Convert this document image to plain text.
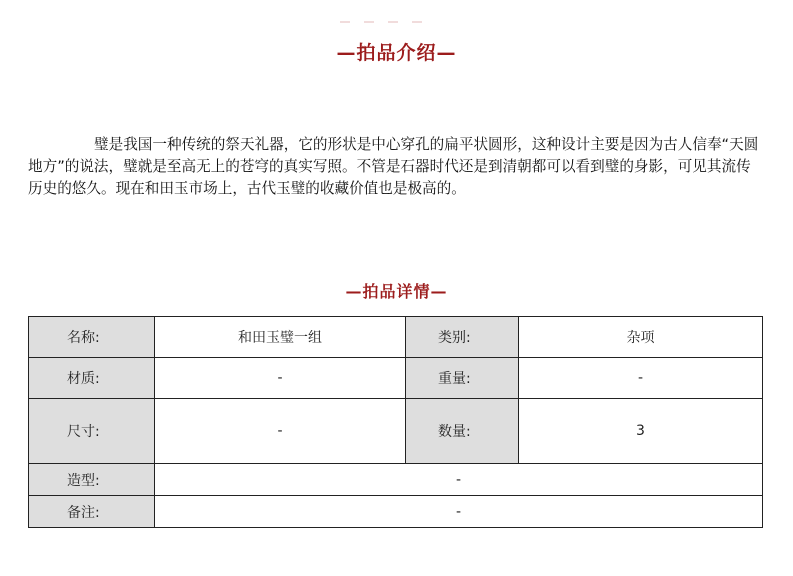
—拍品介绍—

璧是我国一种传统的祭天礼器，它的形状是中心穿孔的扁平状圆形，这种设计主要是因为古人信奉“天圆地方”的说法，璧就是至高无上的苍穹的真实写照。不管是石器时代还是到清朝都可以看到璧的身影，可见其流传历史的悠久。现在和田玉市场上，古代玉璧的收藏价值也是极高的。

—拍品详情—
名称:	和田玉璧一组	类别:	杂项
材质:	-	重量:	-
尺寸:	-	数量:	3
造型:	-		
备注:	-		
